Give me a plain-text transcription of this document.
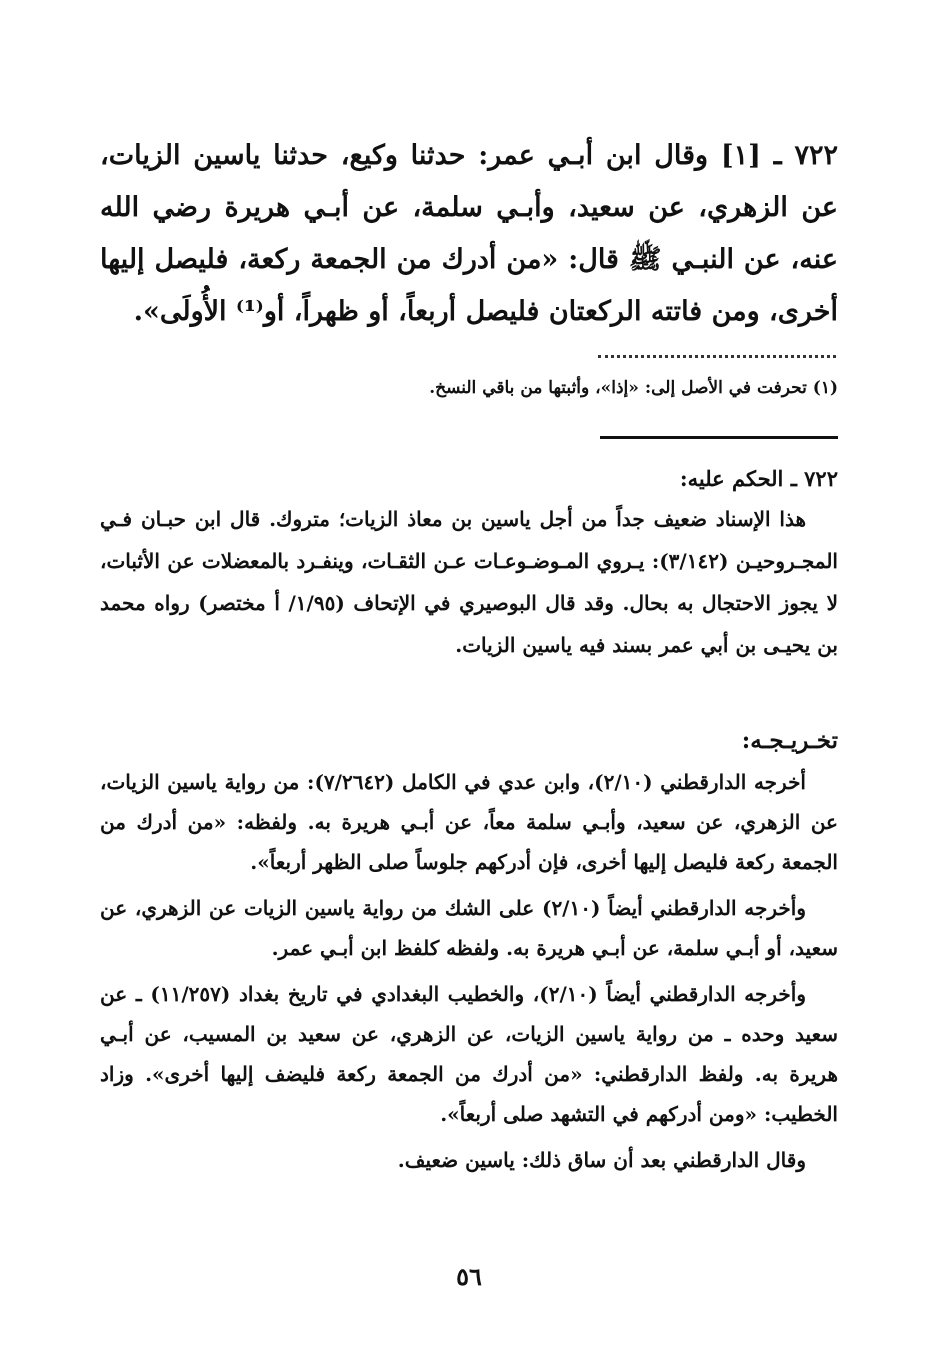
٧٢٢ ـ [١] وقال ابن أبـي عمر: حدثنا وكيع، حدثنا ياسين الزيات، عن الزهري، عن سعيد، وأبـي سلمة، عن أبـي هريرة رضي الله عنه، عن النبـي ﷺ قال: «من أدرك من الجمعة ركعة، فليصل إليها أخرى، ومن فاتته الركعتان فليصل أربعاً، أو ظهراً، أو⁽¹⁾ الأُولَى».

(١) تحرفت في الأصل إلى: «إذا»، وأثبتها من باقي النسخ.

٧٢٢ ـ الحكم عليه:

هذا الإسناد ضعيف جداً من أجل ياسين بن معاذ الزيات؛ متروك. قال ابن حبـان فـي المجـروحيـن (٣/١٤٢): يـروي المـوضـوعـات عـن الثقـات، وينفـرد بالمعضلات عن الأثبات، لا يجوز الاحتجال به بحال. وقد قال البوصيري في الإتحاف (١/٩٥/ أ مختصر) رواه محمد بن يحيـى بن أبي عمر بسند فيه ياسين الزيات.

تخـريـجـه:

أخرجه الدارقطني (٢/١٠)، وابن عدي في الكامل (٧/٢٦٤٢): من رواية ياسين الزيات، عن الزهري، عن سعيد، وأبـي سلمة معاً، عن أبـي هريرة به. ولفظه: «من أدرك من الجمعة ركعة فليصل إليها أخرى، فإن أدركهم جلوساً صلى الظهر أربعاً».

وأخرجه الدارقطني أيضاً (٢/١٠) على الشك من رواية ياسين الزيات عن الزهري، عن سعيد، أو أبـي سلمة، عن أبـي هريرة به. ولفظه كلفظ ابن أبـي عمر.

وأخرجه الدارقطني أيضاً (٢/١٠)، والخطيب البغدادي في تاريخ بغداد (١١/٢٥٧) ـ عن سعيد وحده ـ من رواية ياسين الزيات، عن الزهري، عن سعيد بن المسيب، عن أبـي هريرة به. ولفظ الدارقطني: «من أدرك من الجمعة ركعة فليضف إليها أخرى». وزاد الخطيب: «ومن أدركهم في التشهد صلى أربعاً».

وقال الدارقطني بعد أن ساق ذلك: ياسين ضعيف.

٥٦
